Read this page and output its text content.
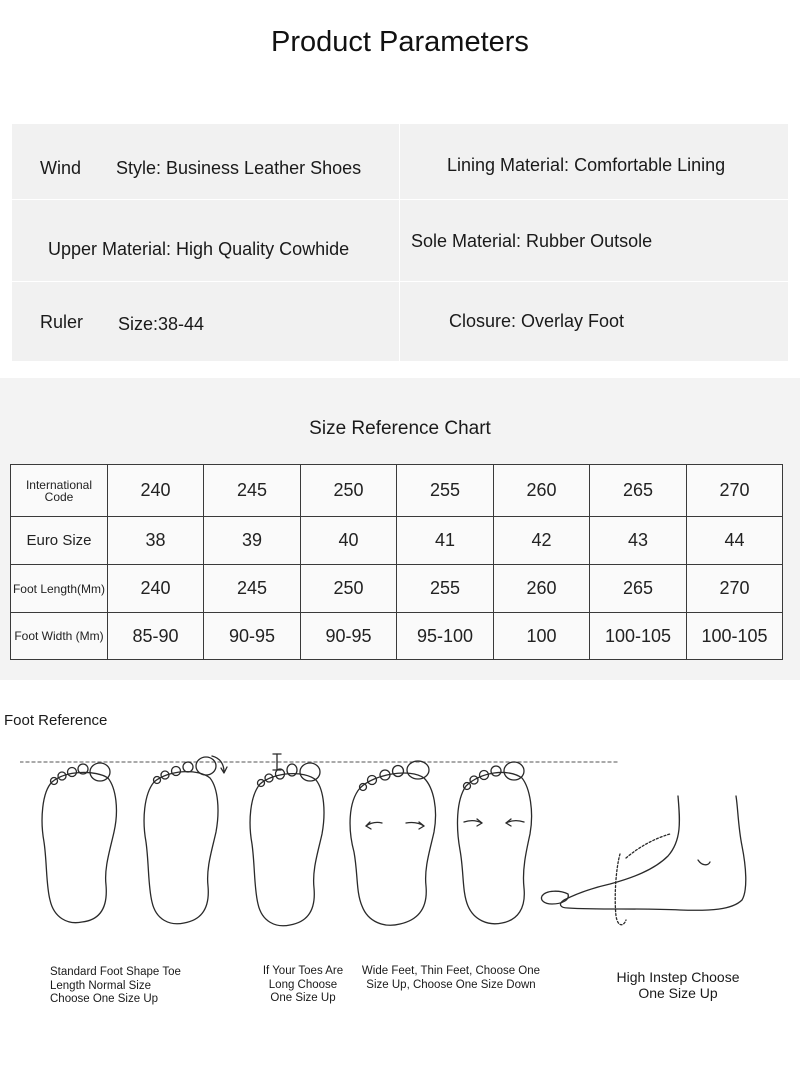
Product Parameters
Wind Style: Business Leather Shoes	Lining Material: Comfortable Lining
Upper Material: High Quality Cowhide	Sole Material: Rubber Outsole
Ruler Size:38-44	Closure: Overlay Foot
Size Reference Chart
International Code	240	245	250	255	260	265	270
Euro Size	38	39	40	41	42	43	44
Foot Length(Mm)	240	245	250	255	260	265	270
Foot Width (Mm)	85-90	90-95	90-95	95-100	100	100-105	100-105
Foot Reference
Standard Foot Shape Toe Length Normal Size Choose One Size Up
If Your Toes Are Long Choose One Size Up
Wide Feet, Thin Feet, Choose One Size Up, Choose One Size Down	High Instep Choose One Size Up
